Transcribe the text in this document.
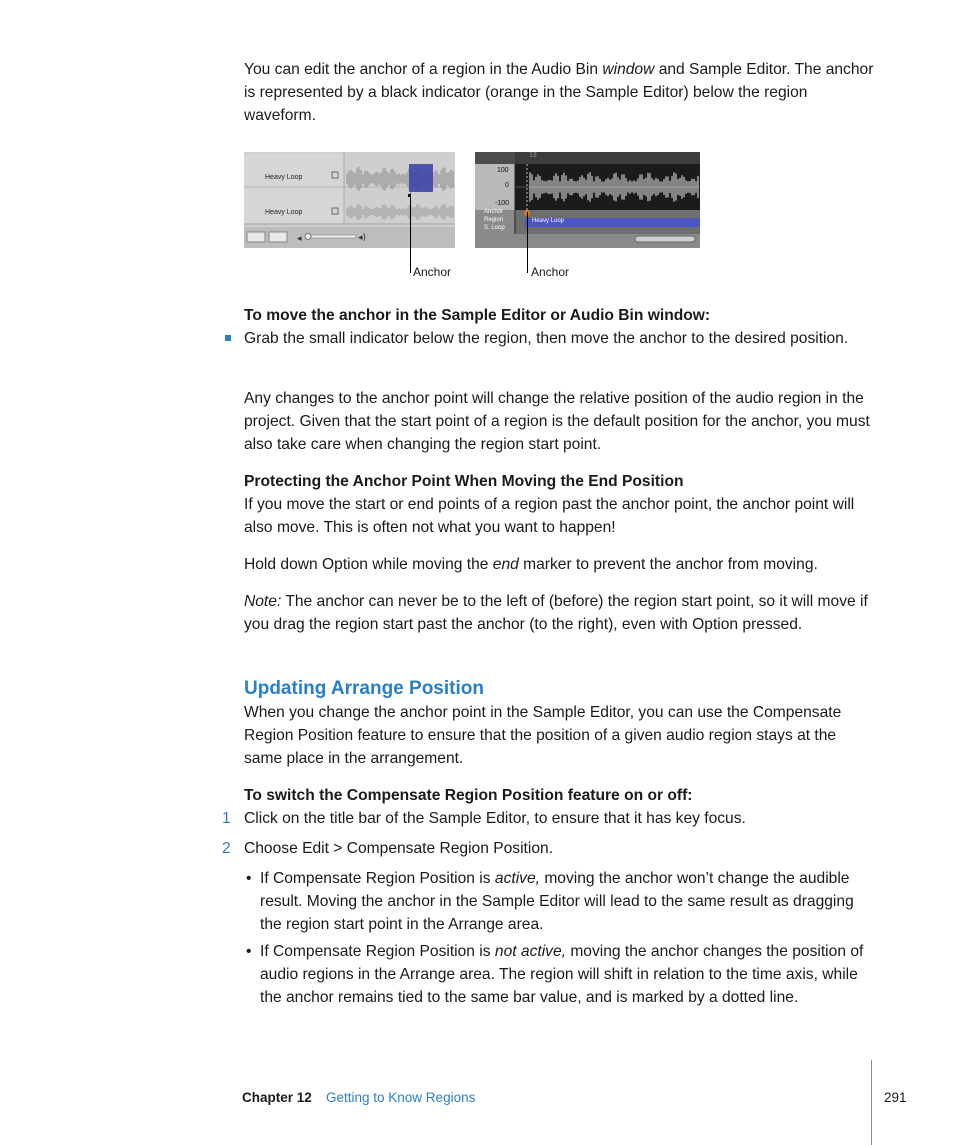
You can edit the anchor of a region in the Audio Bin window and Sample Editor. The anchor is represented by a black indicator (orange in the Sample Editor) below the region waveform.

◂	◂)
Heavy Loop
Heavy Loop
13
100
0
-100
Anchor
Region
S. Loop
Heavy Loop
Anchor	Anchor

To move the anchor in the Sample Editor or Audio Bin window:

Grab the small indicator below the region, then move the anchor to the desired position.

Any changes to the anchor point will change the relative position of the audio region in the project. Given that the start point of a region is the default position for the anchor, you must also take care when changing the region start point.

Protecting the Anchor Point When Moving the End Position

If you move the start or end points of a region past the anchor point, the anchor point will also move. This is often not what you want to happen!

Hold down Option while moving the end marker to prevent the anchor from moving.

Note: The anchor can never be to the left of (before) the region start point, so it will move if you drag the region start past the anchor (to the right), even with Option pressed.

Updating Arrange Position

When you change the anchor point in the Sample Editor, you can use the Compensate Region Position feature to ensure that the position of a given audio region stays at the same place in the arrangement.

To switch the Compensate Region Position feature on or off:

1 Click on the title bar of the Sample Editor, to ensure that it has key focus.

2 Choose Edit > Compensate Region Position.

• If Compensate Region Position is active, moving the anchor won’t change the audible result. Moving the anchor in the Sample Editor will lead to the same result as dragging the region start point in the Arrange area.

• If Compensate Region Position is not active, moving the anchor changes the position of audio regions in the Arrange area. The region will shift in relation to the time axis, while the anchor remains tied to the same bar value, and is marked by a dotted line.

Chapter 12 Getting to Know Regions	291
